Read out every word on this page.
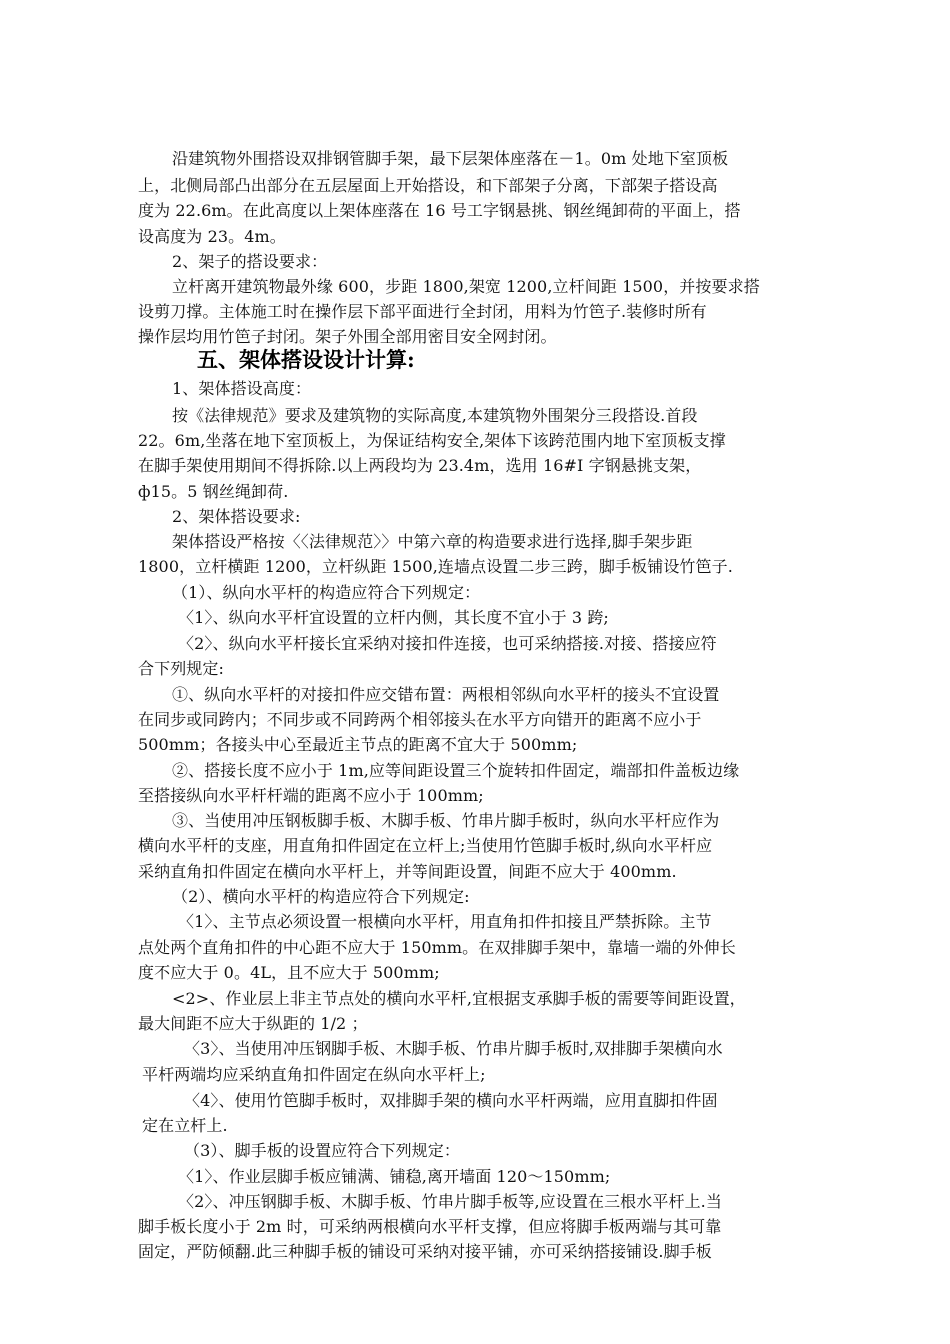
沿建筑物外围搭设双排钢管脚手架，最下层架体座落在－1。0m 处地下室顶板
上，北侧局部凸出部分在五层屋面上开始搭设，和下部架子分离，下部架子搭设高
度为 22.6m。在此高度以上架体座落在 16 号工字钢悬挑、钢丝绳卸荷的平面上，搭
设高度为 23。4m。
2、架子的搭设要求：
立杆离开建筑物最外缘 600，步距 1800,架宽 1200,立杆间距 1500，并按要求搭
设剪刀撑。主体施工时在操作层下部平面进行全封闭，用料为竹笆子.装修时所有
操作层均用竹笆子封闭。架子外围全部用密目安全网封闭。
五、架体搭设设计计算:
1、架体搭设高度：
按《法律规范》要求及建筑物的实际高度,本建筑物外围架分三段搭设.首段
22。6m,坐落在地下室顶板上，为保证结构安全,架体下该跨范围内地下室顶板支撑
在脚手架使用期间不得拆除.以上两段均为 23.4m，选用 16#I 字钢悬挑支架，
ф15。5 钢丝绳卸荷.
2、架体搭设要求:
架体搭设严格按〈〈法律规范〉〉中第六章的构造要求进行选择,脚手架步距
1800，立杆横距 1200，立杆纵距 1500,连墙点设置二步三跨，脚手板铺设竹笆子.
（1）、纵向水平杆的构造应符合下列规定：
〈1〉、纵向水平杆宜设置的立杆内侧，其长度不宜小于 3 跨;
〈2〉、纵向水平杆接长宜采纳对接扣件连接，也可采纳搭接.对接、搭接应符
合下列规定:
①、纵向水平杆的对接扣件应交错布置：两根相邻纵向水平杆的接头不宜设置
在同步或同跨内；不同步或不同跨两个相邻接头在水平方向错开的距离不应小于
500mm；各接头中心至最近主节点的距离不宜大于 500mm;
②、搭接长度不应小于 1m,应等间距设置三个旋转扣件固定，端部扣件盖板边缘
至搭接纵向水平杆杆端的距离不应小于 100mm;
③、当使用冲压钢板脚手板、木脚手板、竹串片脚手板时，纵向水平杆应作为
横向水平杆的支座，用直角扣件固定在立杆上;当使用竹笆脚手板时,纵向水平杆应
采纳直角扣件固定在横向水平杆上，并等间距设置，间距不应大于 400mm.
（2）、横向水平杆的构造应符合下列规定:
〈1〉、主节点必须设置一根横向水平杆，用直角扣件扣接且严禁拆除。主节
点处两个直角扣件的中心距不应大于 150mm。在双排脚手架中，靠墙一端的外伸长
度不应大于 0。4L，且不应大于 500mm;
<2>、作业层上非主节点处的横向水平杆,宜根据支承脚手板的需要等间距设置，
最大间距不应大于纵距的 1/2 ；
〈3〉、当使用冲压钢脚手板、木脚手板、竹串片脚手板时,双排脚手架横向水
平杆两端均应采纳直角扣件固定在纵向水平杆上;
〈4〉、使用竹笆脚手板时，双排脚手架的横向水平杆两端，应用直脚扣件固
定在立杆上.
（3）、脚手板的设置应符合下列规定：
〈1〉、作业层脚手板应铺满、铺稳,离开墙面 120～150mm;
〈2〉、冲压钢脚手板、木脚手板、竹串片脚手板等,应设置在三根水平杆上.当
脚手板长度小于 2m 时，可采纳两根横向水平杆支撑，但应将脚手板两端与其可靠
固定，严防倾翻.此三种脚手板的铺设可采纳对接平铺，亦可采纳搭接铺设.脚手板
